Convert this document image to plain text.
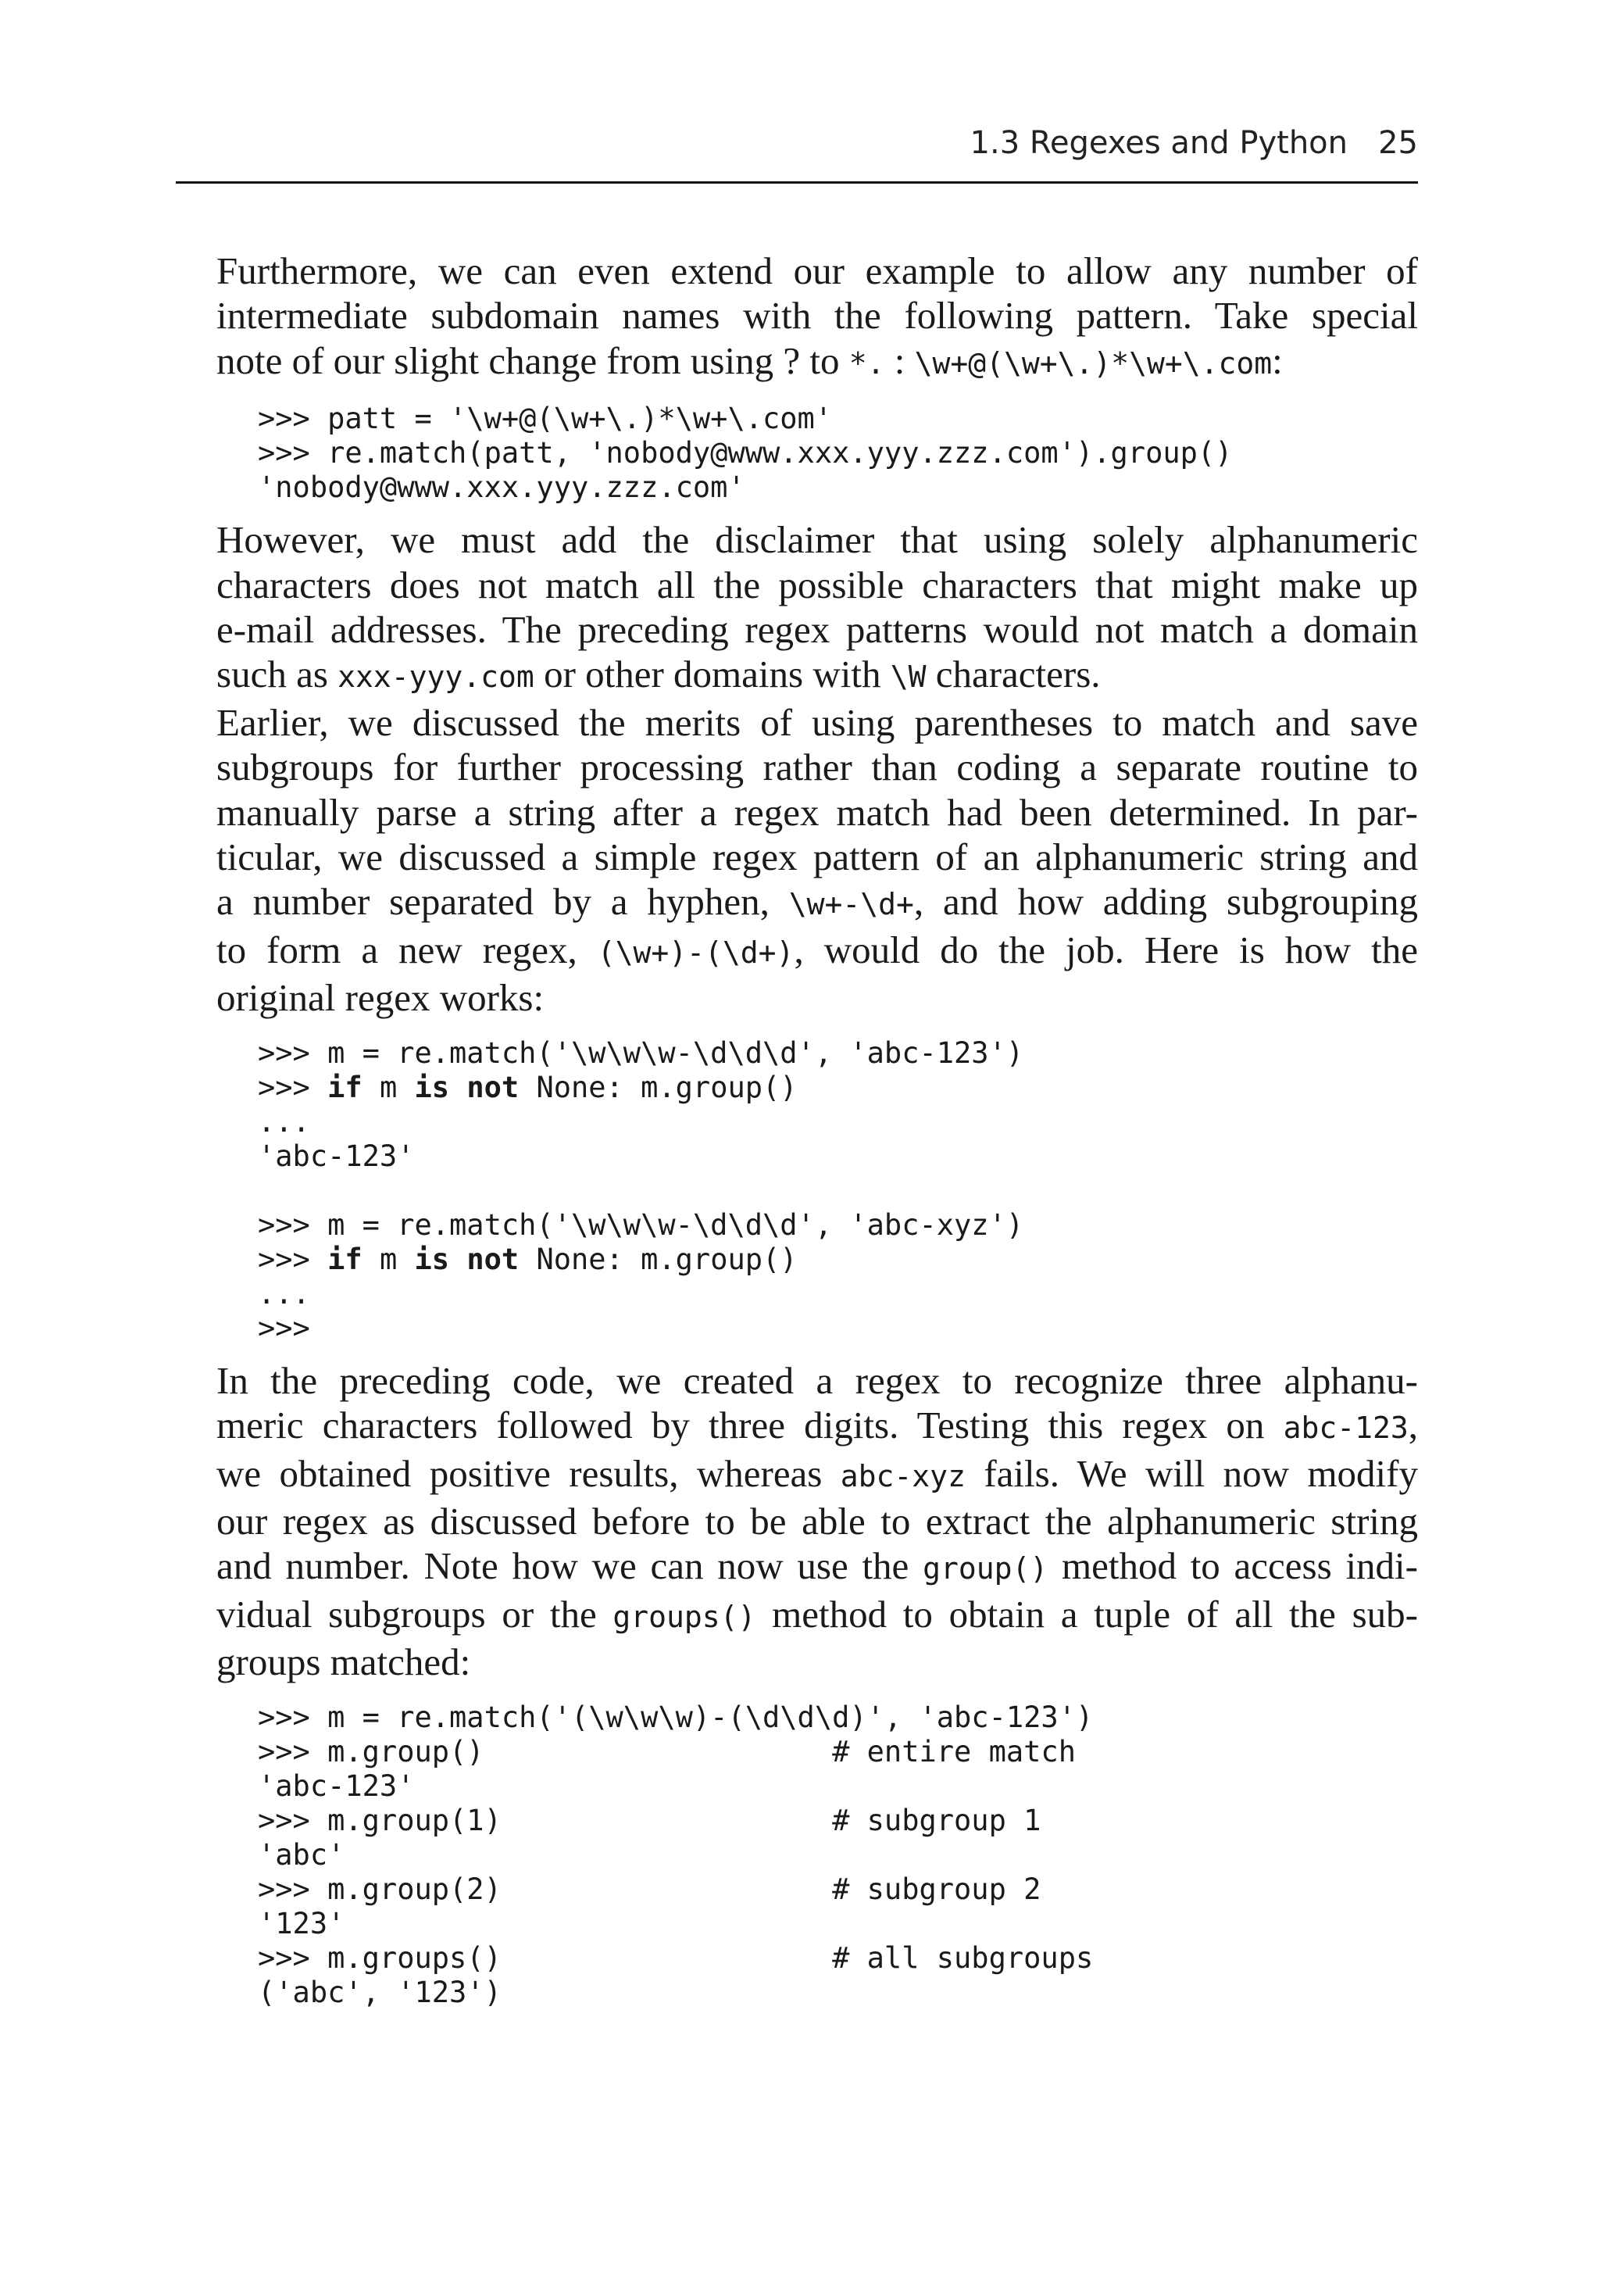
1.3 Regexes and Python 25

Furthermore, we can even extend our example to allow any number of
intermediate subdomain names with the following pattern. Take special
note of our slight change from using ? to *. : \w+@(\w+\.)*\w+\.com:

>>> patt = '\w+@(\w+\.)*\w+\.com'
>>> re.match(patt, 'nobody@www.xxx.yyy.zzz.com').group()
'nobody@www.xxx.yyy.zzz.com'

However, we must add the disclaimer that using solely alphanumeric
characters does not match all the possible characters that might make up
e-mail addresses. The preceding regex patterns would not match a domain
such as xxx-yyy.com or other domains with \W characters.

Earlier, we discussed the merits of using parentheses to match and save
subgroups for further processing rather than coding a separate routine to
manually parse a string after a regex match had been determined. In par-
ticular, we discussed a simple regex pattern of an alphanumeric string and
a number separated by a hyphen, \w+-\d+, and how adding subgrouping
to form a new regex, (\w+)-(\d+), would do the job. Here is how the
original regex works:

>>> m = re.match('\w\w\w-\d\d\d', 'abc-123')
>>> if m is not None: m.group()
...
'abc-123'

>>> m = re.match('\w\w\w-\d\d\d', 'abc-xyz')
>>> if m is not None: m.group()
...
>>>

In the preceding code, we created a regex to recognize three alphanu-
meric characters followed by three digits. Testing this regex on abc-123,
we obtained positive results, whereas abc-xyz fails. We will now modify
our regex as discussed before to be able to extract the alphanumeric string
and number. Note how we can now use the group() method to access indi-
vidual subgroups or the groups() method to obtain a tuple of all the sub-
groups matched:

>>> m = re.match('(\w\w\w)-(\d\d\d)', 'abc-123')
>>> m.group()                    # entire match
'abc-123'
>>> m.group(1)                   # subgroup 1
'abc'
>>> m.group(2)                   # subgroup 2
'123'
>>> m.groups()                   # all subgroups
('abc', '123')
